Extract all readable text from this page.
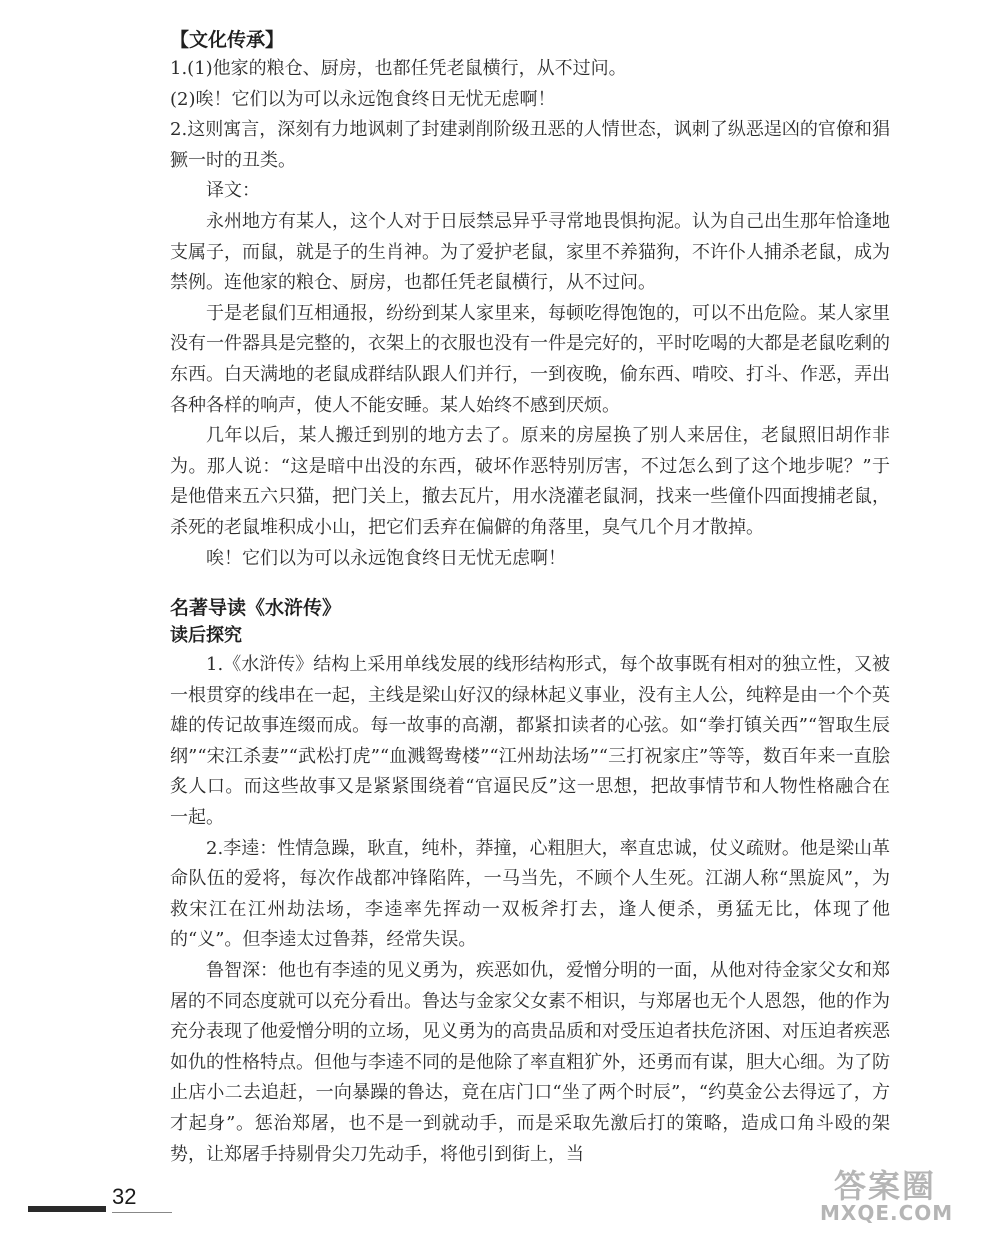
【文化传承】

1.(1)他家的粮仓、厨房，也都任凭老鼠横行，从不过问。

(2)唉！它们以为可以永远饱食终日无忧无虑啊！

2.这则寓言，深刻有力地讽刺了封建剥削阶级丑恶的人情世态，讽刺了纵恶逞凶的官僚和猖獗一时的丑类。

译文：

永州地方有某人，这个人对于日辰禁忌异乎寻常地畏惧拘泥。认为自己出生那年恰逢地支属子，而鼠，就是子的生肖神。为了爱护老鼠，家里不养猫狗，不许仆人捕杀老鼠，成为禁例。连他家的粮仓、厨房，也都任凭老鼠横行，从不过问。

于是老鼠们互相通报，纷纷到某人家里来，每顿吃得饱饱的，可以不出危险。某人家里没有一件器具是完整的，衣架上的衣服也没有一件是完好的，平时吃喝的大都是老鼠吃剩的东西。白天满地的老鼠成群结队跟人们并行，一到夜晚，偷东西、啃咬、打斗、作恶，弄出各种各样的响声，使人不能安睡。某人始终不感到厌烦。

几年以后，某人搬迁到别的地方去了。原来的房屋换了别人来居住，老鼠照旧胡作非为。那人说：“这是暗中出没的东西，破坏作恶特别厉害，不过怎么到了这个地步呢？”于是他借来五六只猫，把门关上，撤去瓦片，用水浇灌老鼠洞，找来一些僮仆四面搜捕老鼠，杀死的老鼠堆积成小山，把它们丢弃在偏僻的角落里，臭气几个月才散掉。

唉！它们以为可以永远饱食终日无忧无虑啊！

名著导读《水浒传》
读后探究

1.《水浒传》结构上采用单线发展的线形结构形式，每个故事既有相对的独立性，又被一根贯穿的线串在一起，主线是梁山好汉的绿林起义事业，没有主人公，纯粹是由一个个英雄的传记故事连缀而成。每一故事的高潮，都紧扣读者的心弦。如“拳打镇关西”“智取生辰纲”“宋江杀妻”“武松打虎”“血溅鸳鸯楼”“江州劫法场”“三打祝家庄”等等，数百年来一直脍炙人口。而这些故事又是紧紧围绕着“官逼民反”这一思想，把故事情节和人物性格融合在一起。

2.李逵：性情急躁，耿直，纯朴，莽撞，心粗胆大，率直忠诚，仗义疏财。他是梁山革命队伍的爱将，每次作战都冲锋陷阵，一马当先，不顾个人生死。江湖人称“黑旋风”，为救宋江在江州劫法场，李逵率先挥动一双板斧打去，逢人便杀，勇猛无比，体现了他的“义”。但李逵太过鲁莽，经常失误。

鲁智深：他也有李逵的见义勇为，疾恶如仇，爱憎分明的一面，从他对待金家父女和郑屠的不同态度就可以充分看出。鲁达与金家父女素不相识，与郑屠也无个人恩怨，他的作为充分表现了他爱憎分明的立场，见义勇为的高贵品质和对受压迫者扶危济困、对压迫者疾恶如仇的性格特点。但他与李逵不同的是他除了率直粗犷外，还勇而有谋，胆大心细。为了防止店小二去追赶，一向暴躁的鲁达，竟在店门口“坐了两个时辰”，“约莫金公去得远了，方才起身”。惩治郑屠，也不是一到就动手，而是采取先激后打的策略，造成口角斗殴的架势，让郑屠手持剔骨尖刀先动手，将他引到街上，当

32	答案圈
MXQE.COM
